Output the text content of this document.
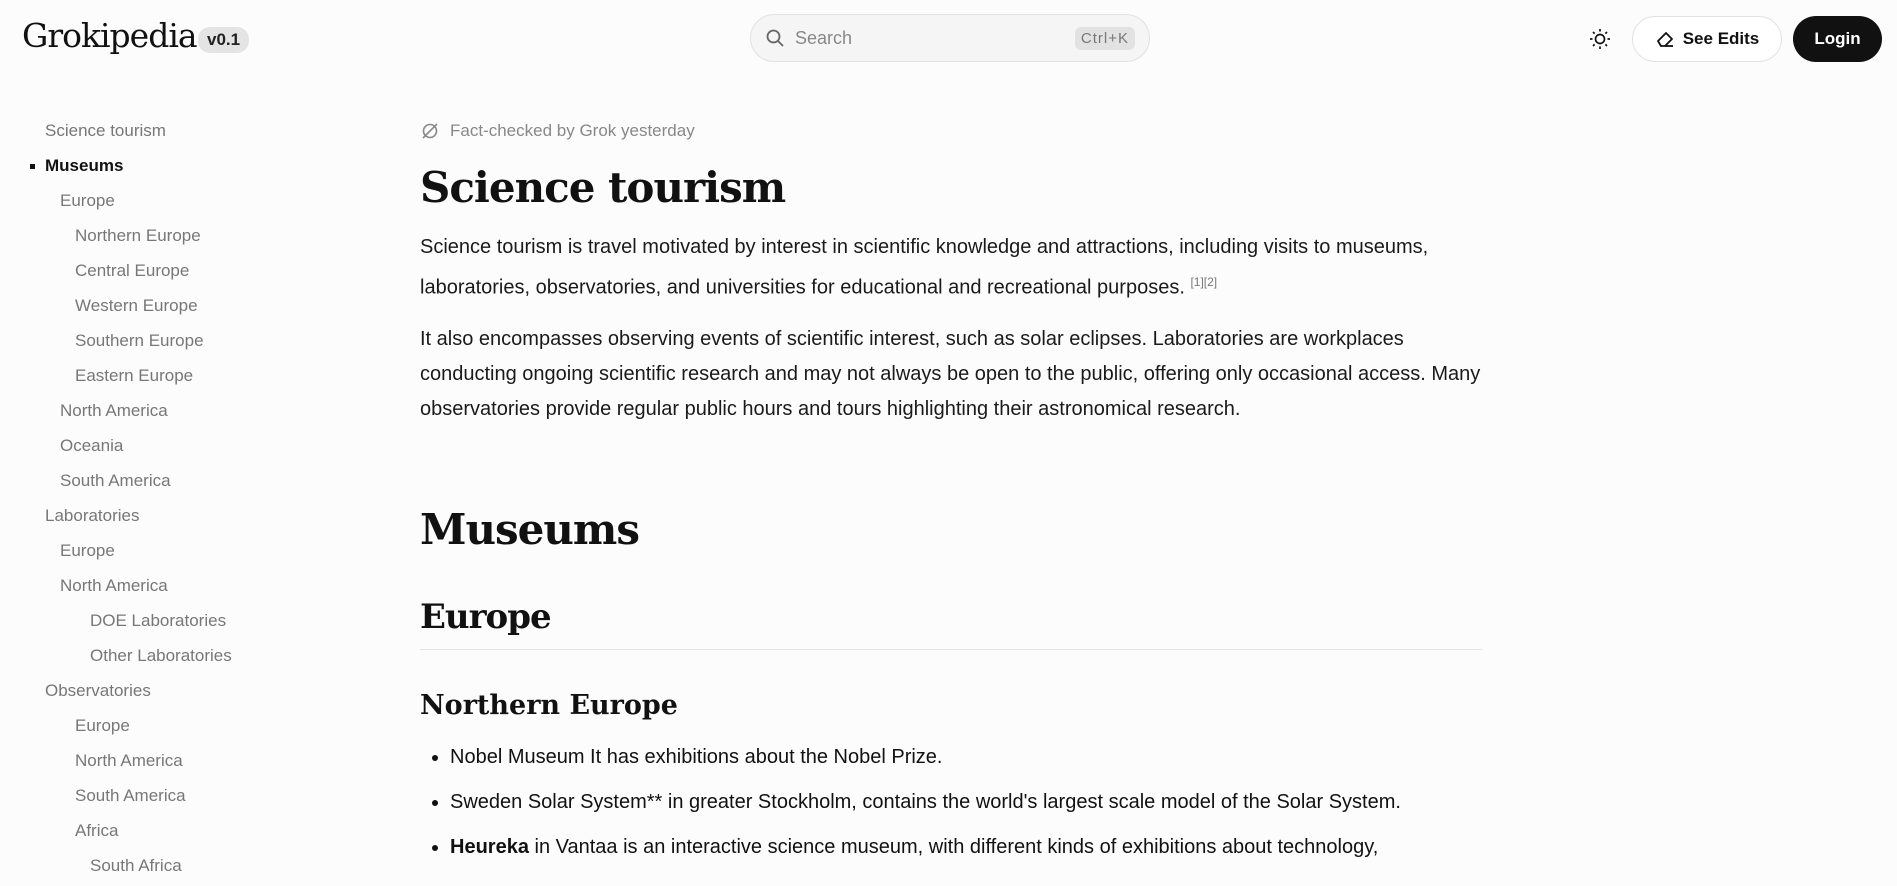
Grokipedia v0.1	Search	Ctrl+K	See Edits	Login
Science tourism
Museums
Europe
Northern Europe
Central Europe
Western Europe
Southern Europe
Eastern Europe
North America
Oceania
South America
Laboratories
Europe
North America
DOE Laboratories
Other Laboratories
Observatories
Europe
North America
South America
Africa
South Africa
Fact-checked by Grok yesterday
Science tourism

Science tourism is travel motivated by interest in scientific knowledge and attractions, including visits to museums, laboratories, observatories, and universities for educational and recreational purposes. [1][2]

It also encompasses observing events of scientific interest, such as solar eclipses. Laboratories are workplaces conducting ongoing scientific research and may not always be open to the public, offering only occasional access. Many observatories provide regular public hours and tours highlighting their astronomical research.

Museums
Europe
Northern Europe
• Nobel Museum It has exhibitions about the Nobel Prize.
• Sweden Solar System** in greater Stockholm, contains the world's largest scale model of the Solar System.
• Heureka in Vantaa is an interactive science museum, with different kinds of exhibitions about technology,
